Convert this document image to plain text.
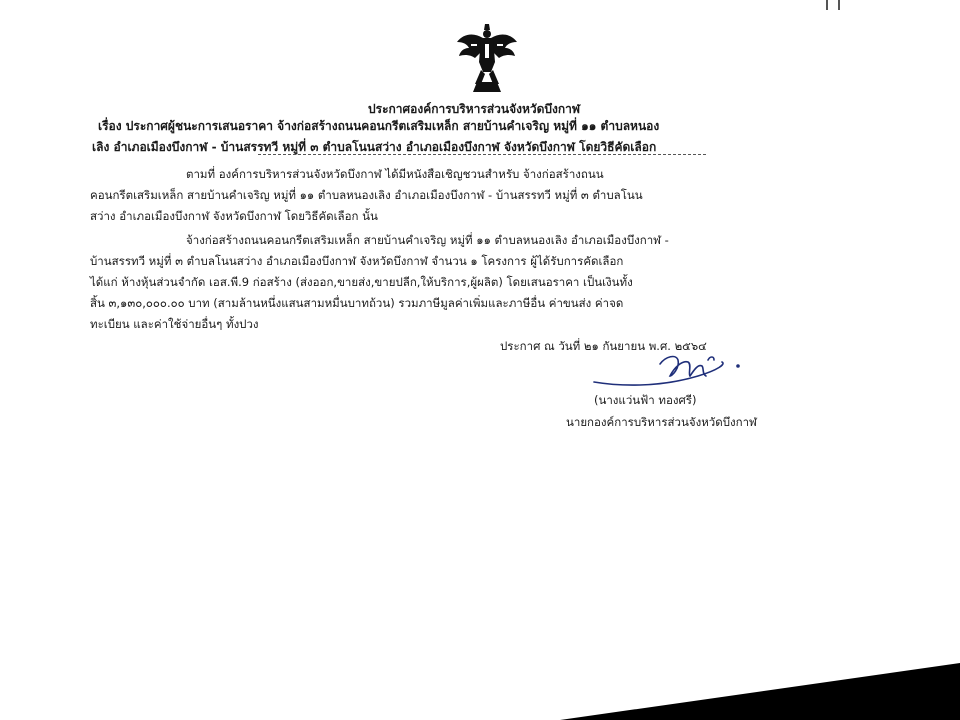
ประกาศองค์การบริหารส่วนจังหวัดบึงกาฬ
เรื่อง ประกาศผู้ชนะการเสนอราคา จ้างก่อสร้างถนนคอนกรีตเสริมเหล็ก สายบ้านคำเจริญ หมู่ที่ ๑๑ ตำบลหนอง
เลิง อำเภอเมืองบึงกาฬ - บ้านสรรทวี หมู่ที่ ๓ ตำบลโนนสว่าง อำเภอเมืองบึงกาฬ จังหวัดบึงกาฬ โดยวิธีคัดเลือก
ตามที่ องค์การบริหารส่วนจังหวัดบึงกาฬ ได้มีหนังสือเชิญชวนสำหรับ จ้างก่อสร้างถนน
คอนกรีตเสริมเหล็ก สายบ้านคำเจริญ หมู่ที่ ๑๑ ตำบลหนองเลิง อำเภอเมืองบึงกาฬ - บ้านสรรทวี หมู่ที่ ๓ ตำบลโนน
สว่าง อำเภอเมืองบึงกาฬ จังหวัดบึงกาฬ โดยวิธีคัดเลือก นั้น
จ้างก่อสร้างถนนคอนกรีตเสริมเหล็ก สายบ้านคำเจริญ หมู่ที่ ๑๑ ตำบลหนองเลิง อำเภอเมืองบึงกาฬ -
บ้านสรรทวี หมู่ที่ ๓ ตำบลโนนสว่าง อำเภอเมืองบึงกาฬ จังหวัดบึงกาฬ จำนวน ๑ โครงการ ผู้ได้รับการคัดเลือก
ได้แก่ ห้างหุ้นส่วนจำกัด เอส.พี.9 ก่อสร้าง (ส่งออก,ขายส่ง,ขายปลีก,ให้บริการ,ผู้ผลิต) โดยเสนอราคา เป็นเงินทั้ง
สิ้น ๓,๑๓๐,๐๐๐.๐๐ บาท (สามล้านหนึ่งแสนสามหมื่นบาทถ้วน) รวมภาษีมูลค่าเพิ่มและภาษีอื่น ค่าขนส่ง ค่าจด
ทะเบียน และค่าใช้จ่ายอื่นๆ ทั้งปวง
ประกาศ ณ วันที่ ๒๑ กันยายน พ.ศ. ๒๕๖๔
(นางแว่นฟ้า ทองศรี)
นายกองค์การบริหารส่วนจังหวัดบึงกาฬ
